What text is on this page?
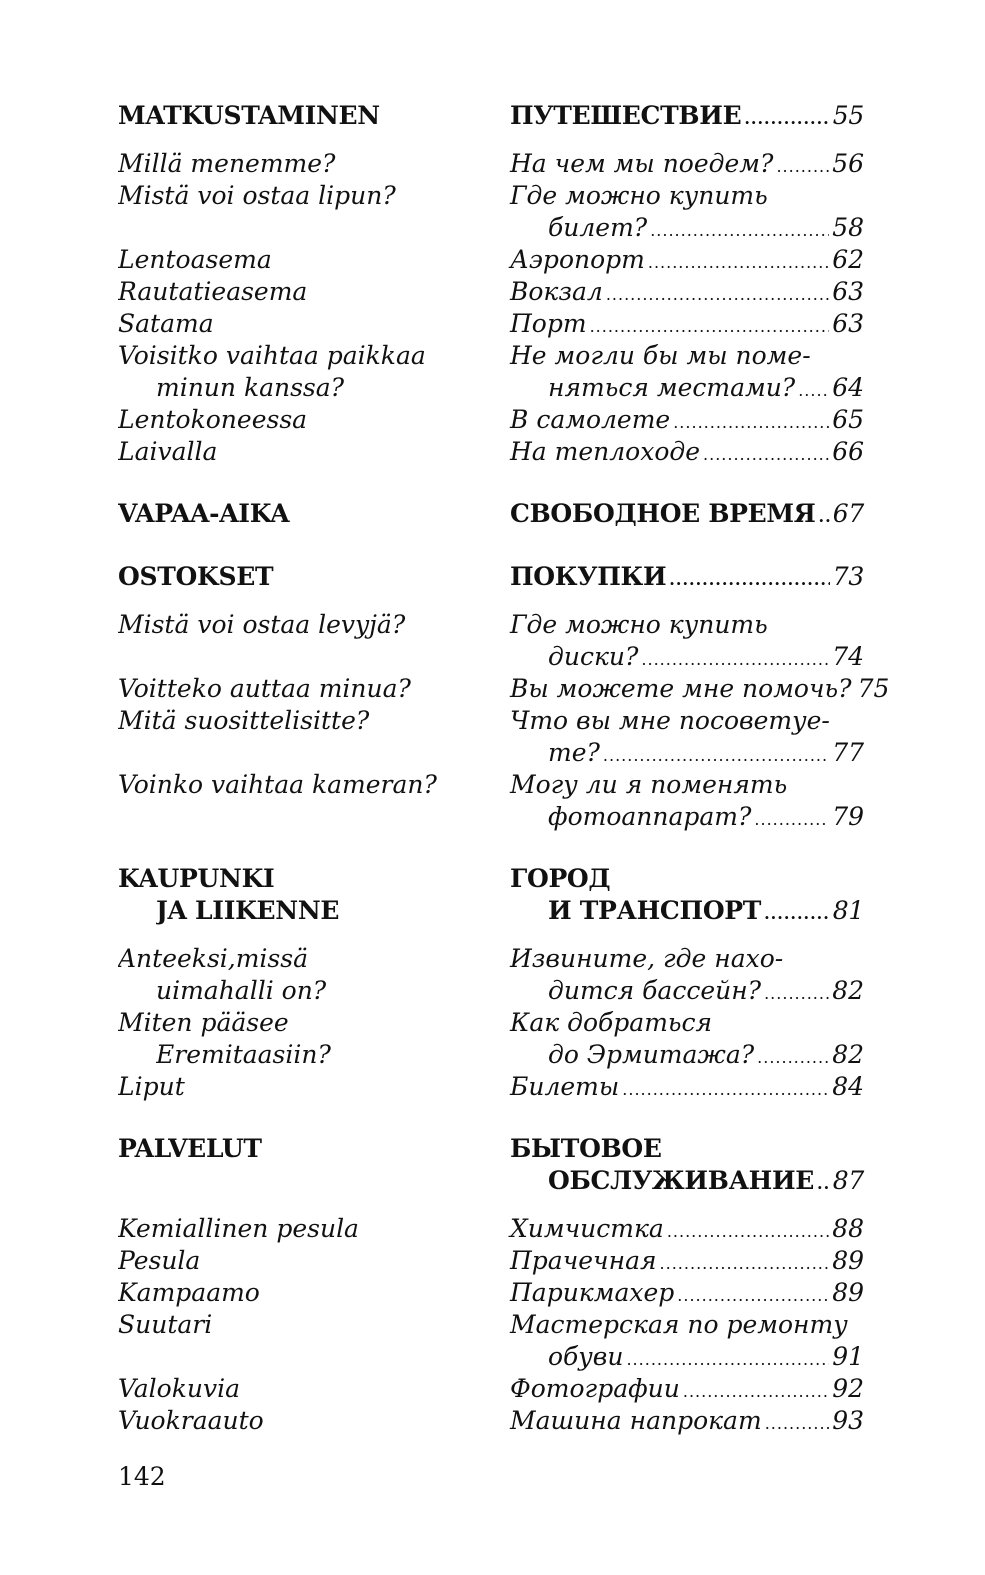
MATKUSTAMINEN	ПУТЕШЕСТВИЕ .....	55
Millä menemme?	На чем мы поедем? ..... 56
Mistä voi ostaa lipun?	Где можно купить
билет? .....	58
Lentoasema	Аэропорт .....	62
Rautatieasema	Вокзал .....	63
Satama	Порт .....	63
Voisitko vaihtaa paikkaa	Не могли бы мы поме-
minun kanssa?	няться местами? ..... 64
Lentokoneessa	В самолете .....	65
Laivalla	На теплоходе .....	66
VAPAA-AIKA	СВОБОДНОЕ ВРЕМЯ ..... 67
OSTOKSET	ПОКУПКИ .....	73
Mistä voi ostaa levyjä?	Где можно купить
диски? .....	74
Voitteko auttaa minua?	Вы можете мне помочь? 75
Mitä suosittelisitte?	Что вы мне посоветуе-
те? .....	77
Voinko vaihtaa kameran?	Могу ли я поменять
фотоаппарат? .....	79
KAUPUNKI	ГОРОД
JA LIIKENNE	И ТРАНСПОРТ .....	81
Anteeksi,missä	Извините, где нахо-
uimahalli on?	дится бассейн? .....	82
Miten pääsee	Как добраться
Eremitaasiin?	до Эрмитажа? .....	82
Liput	Билеты .....	84
PALVELUT	БЫТОВОЕ
ОБСЛУЖИВАНИЕ ..... 87
Kemiallinen pesula	Химчистка .....	88
Pesula	Прачечная .....	89
Kampaamo	Парикмахер .....	89
Suutari	Мастерская по ремонту
обуви .....	91
Valokuvia	Фотографии .....	92
Vuokraauto	Машина напрокат .....	93
142
